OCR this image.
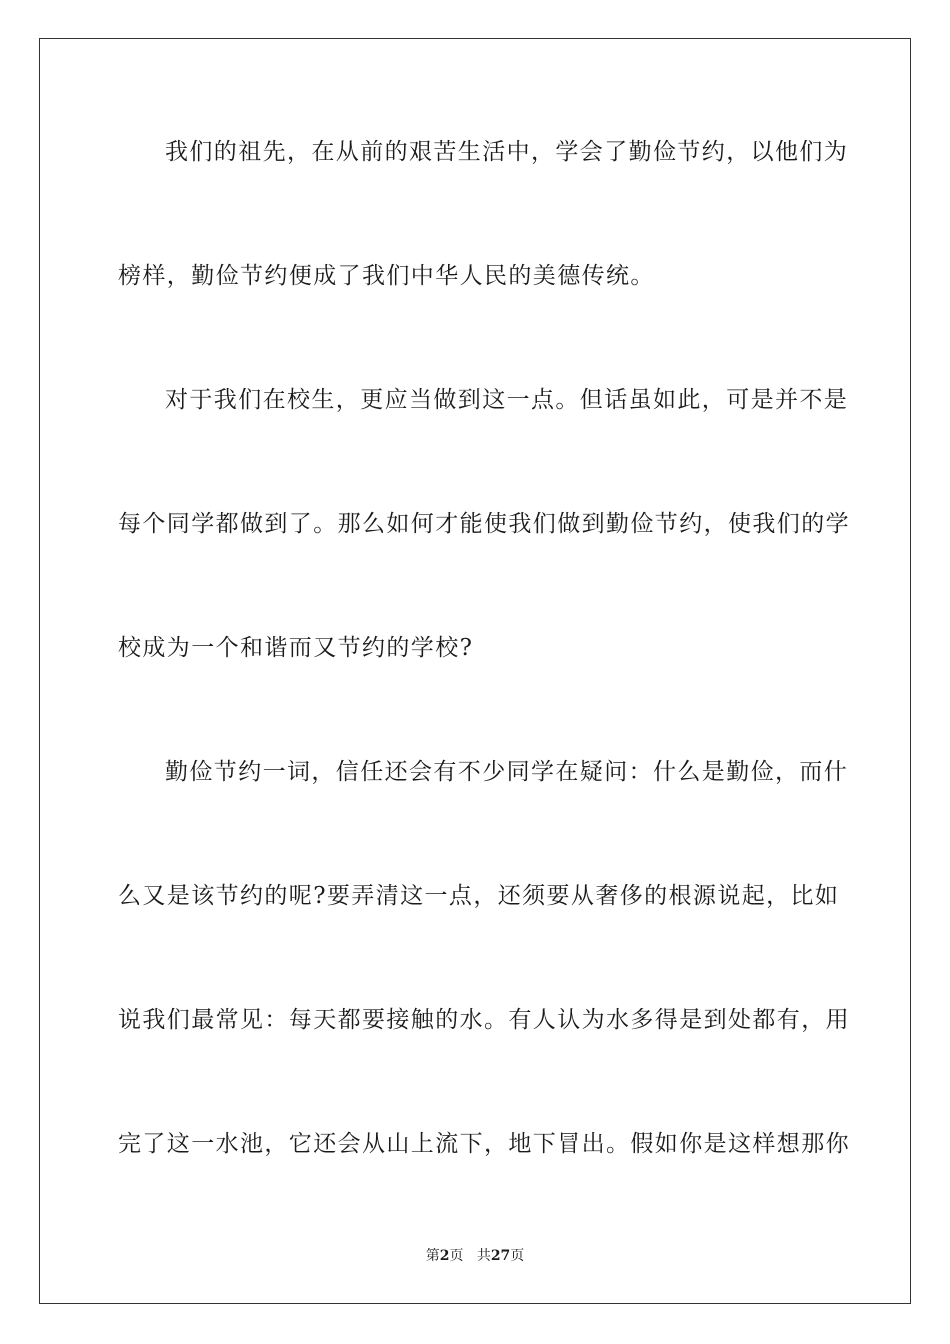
我们的祖先，在从前的艰苦生活中，学会了勤俭节约，以他们为
榜样，勤俭节约便成了我们中华人民的美德传统。
对于我们在校生，更应当做到这一点。但话虽如此，可是并不是
每个同学都做到了。那么如何才能使我们做到勤俭节约，使我们的学
校成为一个和谐而又节约的学校?
勤俭节约一词，信任还会有不少同学在疑问：什么是勤俭，而什
么又是该节约的呢?要弄清这一点，还须要从奢侈的根源说起，比如
说我们最常见：每天都要接触的水。有人认为水多得是到处都有，用
完了这一水池，它还会从山上流下，地下冒出。假如你是这样想那你
第2页 共27页
